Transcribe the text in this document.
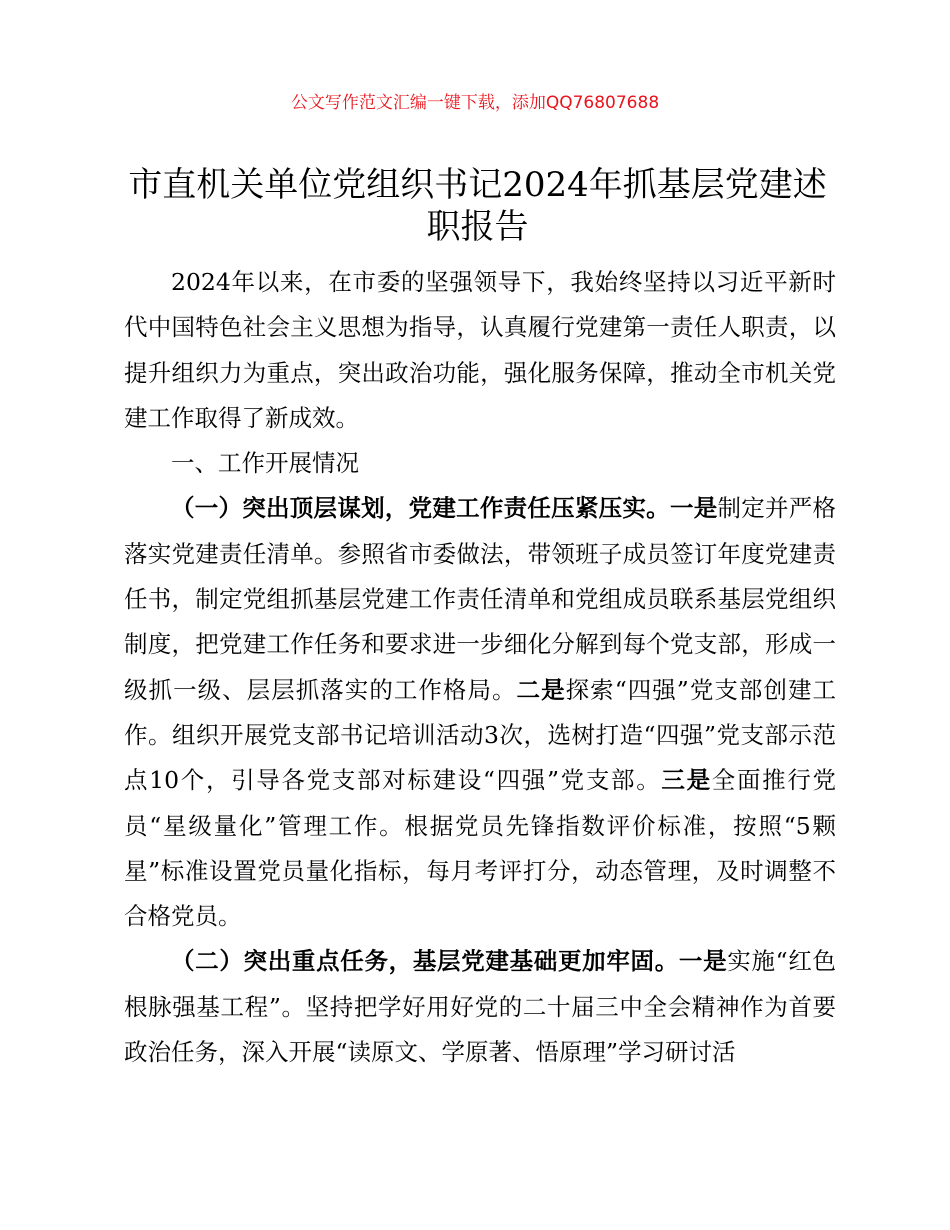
公文写作范文汇编一键下载，添加QQ76807688
市直机关单位党组织书记2024年抓基层党建述职报告

2024年以来，在市委的坚强领导下，我始终坚持以习近平新时代中国特色社会主义思想为指导，认真履行党建第一责任人职责，以提升组织力为重点，突出政治功能，强化服务保障，推动全市机关党建工作取得了新成效。

一、工作开展情况

（一）突出顶层谋划，党建工作责任压紧压实。一是制定并严格落实党建责任清单。参照省市委做法，带领班子成员签订年度党建责任书，制定党组抓基层党建工作责任清单和党组成员联系基层党组织制度，把党建工作任务和要求进一步细化分解到每个党支部，形成一级抓一级、层层抓落实的工作格局。二是探索“四强”党支部创建工作。组织开展党支部书记培训活动3次，选树打造“四强”党支部示范点10个，引导各党支部对标建设“四强”党支部。三是全面推行党员“星级量化”管理工作。根据党员先锋指数评价标准，按照“5颗星”标准设置党员量化指标，每月考评打分，动态管理，及时调整不合格党员。

（二）突出重点任务，基层党建基础更加牢固。一是实施“红色根脉强基工程”。坚持把学好用好党的二十届三中全会精神作为首要政治任务，深入开展“读原文、学原著、悟原理”学习研讨活
